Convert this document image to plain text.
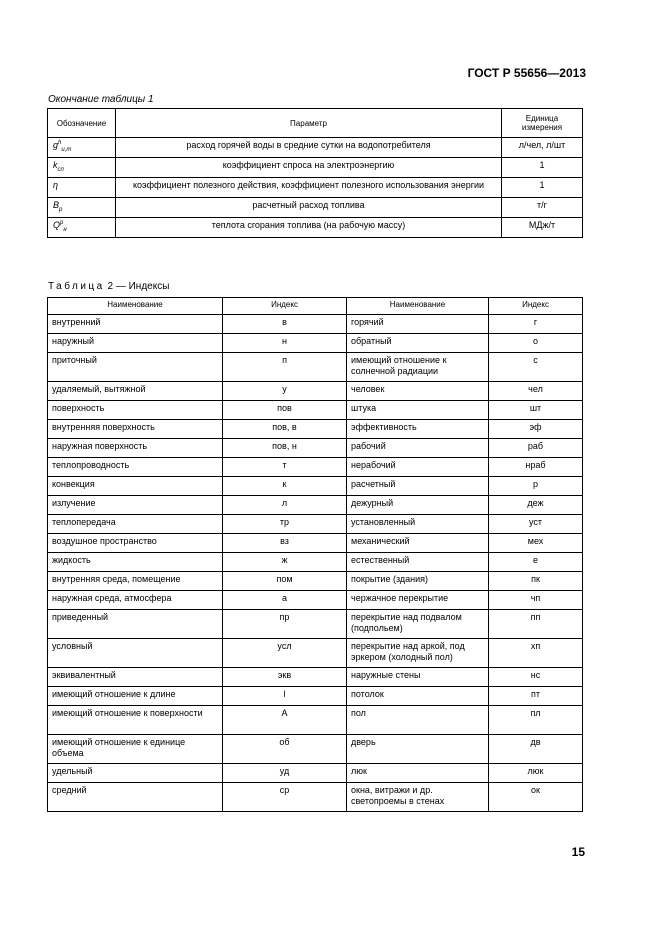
ГОСТ Р 55656—2013
Окончание таблицы 1
Обозначение	Параметр	Единица измерения
$g^h_{u,m}$	расход горячей воды в средние сутки на водопотребителя	л/чел, л/шт
$k_{сп}$	коэффициент спроса на электроэнергию	1
η	коэффициент полезного действия, коэффициент полезного использования энергии	1
$B_р$	расчетный расход топлива	т/г
$Q^р_н$	теплота сгорания топлива (на рабочую массу)	МДж/т
Таблица 2 — Индексы
Наименование	Индекс	Наименование	Индекс
внутренний	в	горячий	г
наружный	н	обратный	о
приточный	п	имеющий отношение к солнечной радиации	с
удаляемый, вытяжной	у	человек	чел
поверхность	пов	штука	шт
внутренняя поверхность	пов, в	эффективность	эф
наружная поверхность	пов, н	рабочий	раб
теплопроводность	т	нерабочий	нраб
конвекция	к	расчетный	р
излучение	л	дежурный	деж
теплопередача	тр	установленный	уст
воздушное пространство	вз	механический	мех
жидкость	ж	естественный	е
внутренняя среда, помещение	пом	покрытие (здания)	пк
наружная среда, атмосфера	а	чержачное перекрытие	чп
приведенный	пр	перекрытие над подвалом (подпольем)	пп
условный	усл	перекрытие над аркой, под эркером (холодный пол)	хп
эквивалентный	экв	наружные стены	нс
имеющий отношение к длине	l	потолок	пт
имеющий отношение к поверхности	A	пол	пл
имеющий отношение к единице объема	об	дверь	дв
удельный	уд	люк	люк
средний	ср	окна, витражи и др. светопроемы в стенах	ок
15
